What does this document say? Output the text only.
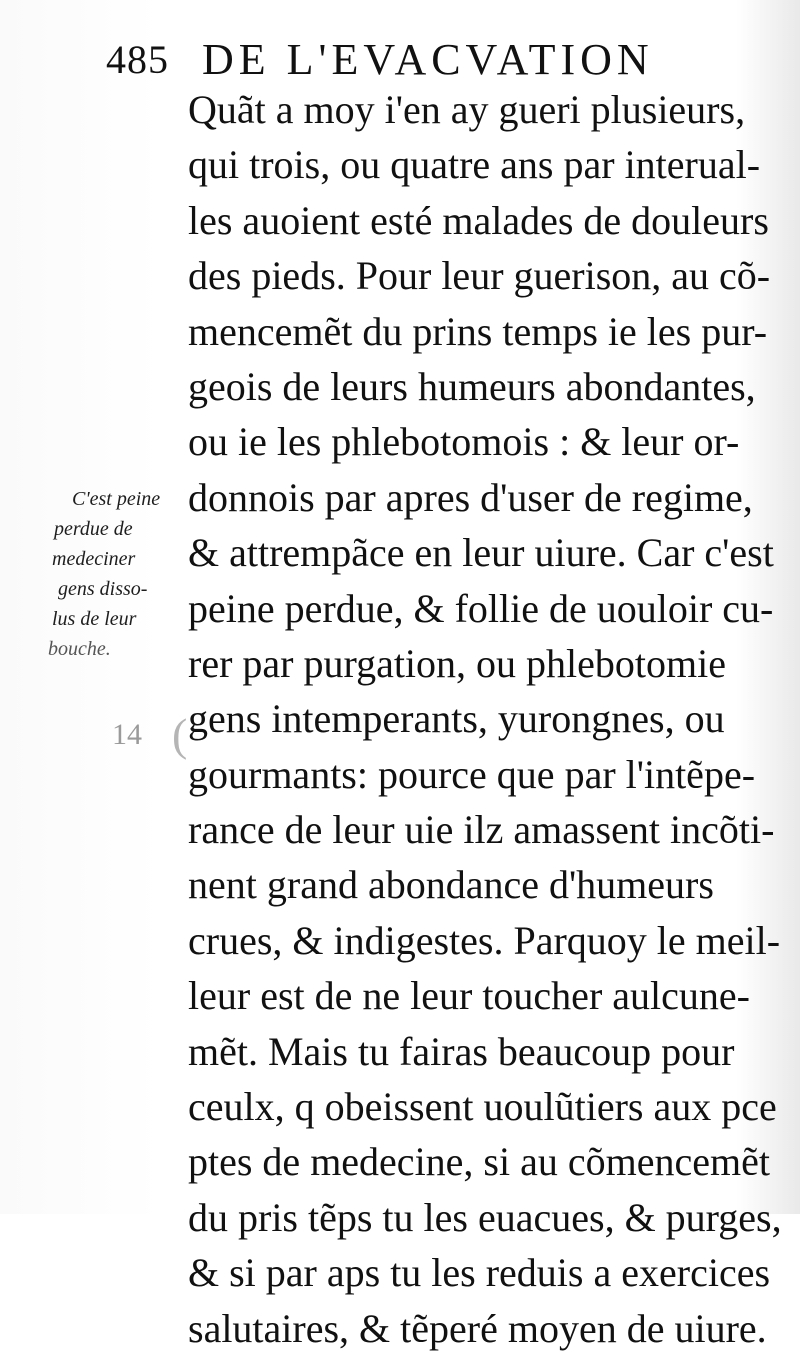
485 DE L'EVACVATION
Quãt a moy i'en ay gueri plusieurs,
qui trois, ou quatre ans par interual-
les auoient esté malades de douleurs
des pieds. Pour leur guerison, au cõ-
mencemẽt du prins temps ie les pur-
geois de leurs humeurs abondantes,
ou ie les phlebotomois : & leur or-
donnois par apres d'user de regime,
& attrempãce en leur uiure. Car c'est
peine perdue, & follie de uouloir cu-
rer par purgation, ou phlebotomie
gens intemperants, yurongnes, ou
gourmants: pource que par l'intẽpe-
rance de leur uie ilz amassent incõti-
nent grand abondance d'humeurs
crues, & indigestes. Parquoy le meil-
leur est de ne leur toucher aulcune-
mẽt. Mais tu fairas beaucoup pour
ceulx, q obeissent uoulũtiers aux pce
ptes de medecine, si au cõmencemẽt
du pris tẽps tu les euacues, & purges,
& si par aps tu les reduis a exercices
salutaires, & tẽperé moyen de uiure.
C'est peine
perdue de
medeciner
gens disso-
lus de leur
bouche.
14 (
